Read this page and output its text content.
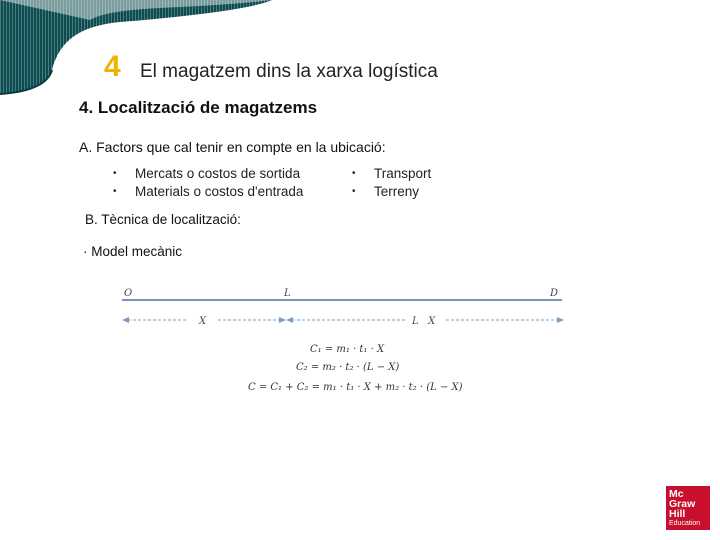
4 El magatzem dins la xarxa logística
4. Localització de magatzems
A. Factors que cal tenir en compte en la ubicació:
• Mercats o costos de sortida
• Materials o costos d'entrada
• Transport
• Terreny
B. Tècnica de localització:
· Model mecànic
O	L	D
X	L   X
C₁ = m₁ · t₁ · X
C₂ = m₂ · t₂ · (L − X)
C = C₁ + C₂ = m₁ · t₁ · X + m₂ · t₂ · (L − X)
Mc
Graw
Hill
Education
